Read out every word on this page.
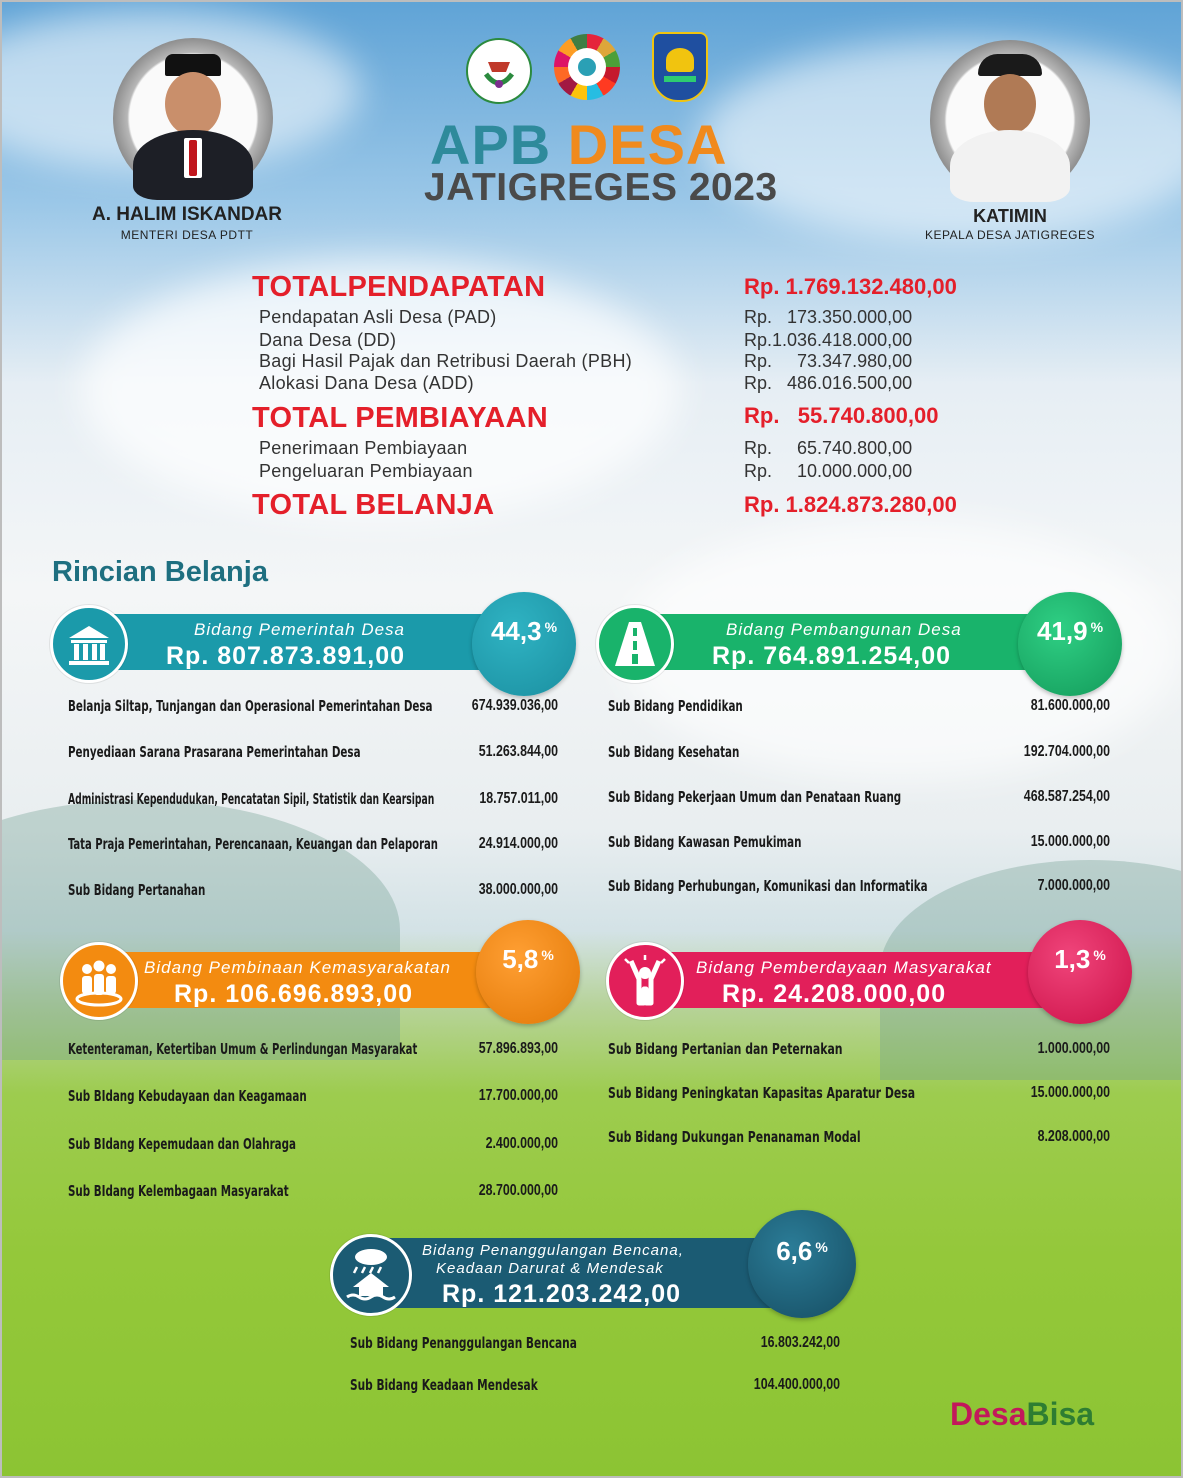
A. HALIM ISKANDAR
MENTERI DESA PDTT
KATIMIN
KEPALA DESA JATIGREGES
APB DESA
JATIGREGES 2023
TOTALPENDAPATAN	Rp. 1.769.132.480,00
Pendapatan Asli Desa (PAD)	Rp.   173.350.000,00
Dana Desa (DD)	Rp.1.036.418.000,00
Bagi Hasil Pajak dan Retribusi Daerah (PBH)	Rp.     73.347.980,00
Alokasi Dana Desa (ADD)	Rp.   486.016.500,00
TOTAL PEMBIAYAAN	Rp.   55.740.800,00
Penerimaan Pembiayaan	Rp.     65.740.800,00
Pengeluaran Pembiayaan	Rp.     10.000.000,00
TOTAL BELANJA	Rp. 1.824.873.280,00
Rincian Belanja
Bidang Pemerintah Desa
Rp. 807.873.891,00
44,3 %
Belanja Siltap, Tunjangan dan Operasional Pemerintahan Desa	674.939.036,00
Penyediaan Sarana Prasarana Pemerintahan Desa	51.263.844,00
Administrasi Kependudukan, Pencatatan Sipil, Statistik dan Kearsipan	18.757.011,00
Tata Praja Pemerintahan, Perencanaan, Keuangan dan Pelaporan	24.914.000,00
Sub Bidang Pertanahan	38.000.000,00
Bidang Pembangunan Desa
Rp. 764.891.254,00
41,9 %
Sub Bidang Pendidikan	81.600.000,00
Sub Bidang Kesehatan	192.704.000,00
Sub Bidang Pekerjaan Umum dan Penataan Ruang	468.587.254,00
Sub Bidang Kawasan Pemukiman	15.000.000,00
Sub Bidang Perhubungan, Komunikasi dan Informatika	7.000.000,00
Bidang Pembinaan Kemasyarakatan
Rp. 106.696.893,00
5,8 %
Ketenteraman, Ketertiban Umum & Perlindungan Masyarakat	57.896.893,00
Sub BIdang Kebudayaan dan Keagamaan	17.700.000,00
Sub BIdang Kepemudaan dan Olahraga	2.400.000,00
Sub BIdang Kelembagaan Masyarakat	28.700.000,00
Bidang Pemberdayaan Masyarakat
Rp. 24.208.000,00
1,3 %
Sub Bidang Pertanian dan Peternakan	1.000.000,00
Sub Bidang Peningkatan Kapasitas Aparatur Desa	15.000.000,00
Sub Bidang Dukungan Penanaman Modal	8.208.000,00
Bidang Penanggulangan Bencana,
Keadaan Darurat & Mendesak
Rp. 121.203.242,00
6,6 %
Sub Bidang Penanggulangan Bencana	16.803.242,00
Sub Bidang Keadaan Mendesak	104.400.000,00
DesaBisa
